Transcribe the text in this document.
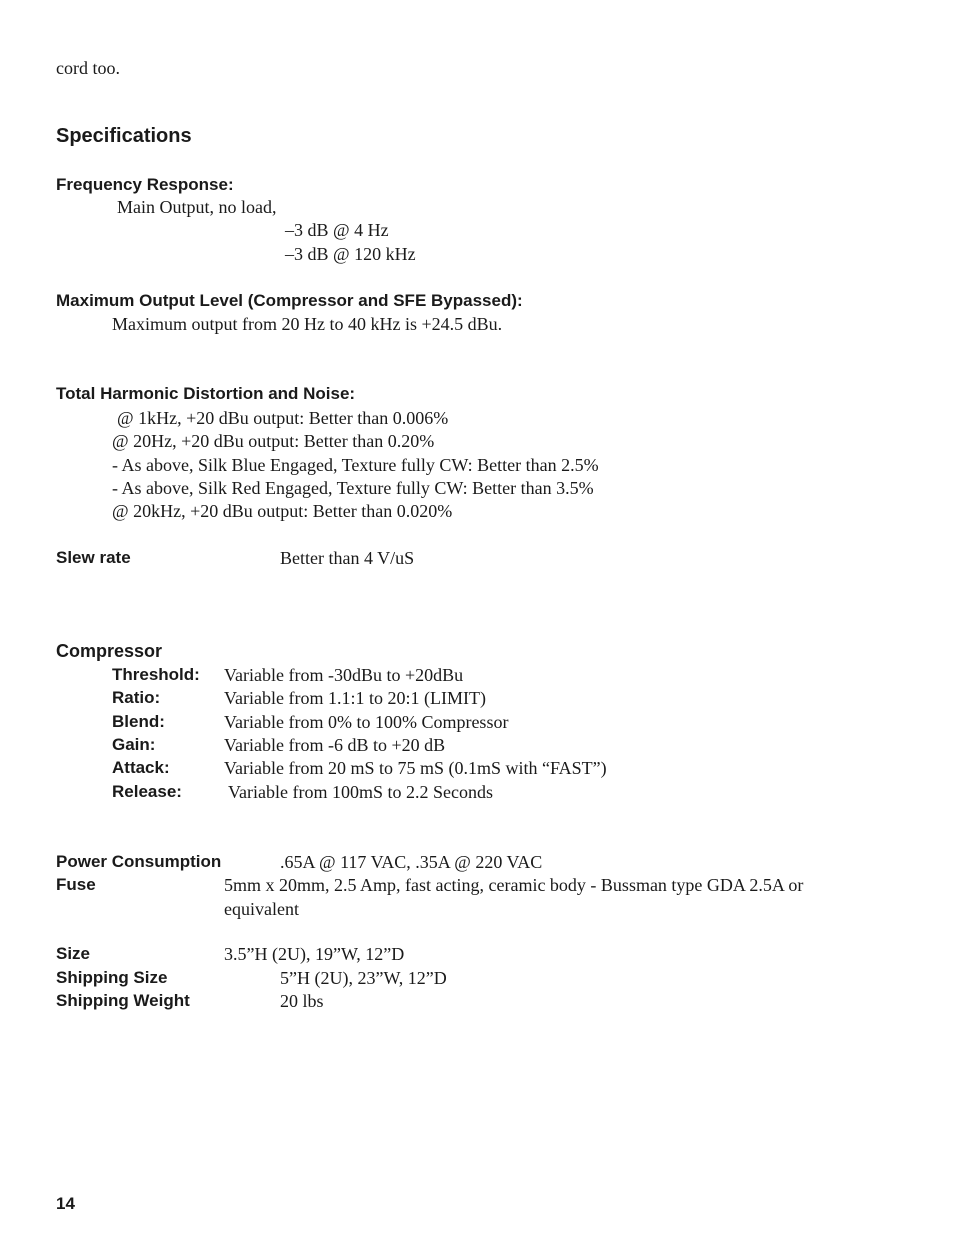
cord too.
Specifications
Frequency Response:
Main Output, no load,
–3 dB @ 4 Hz
–3 dB @ 120 kHz
Maximum Output Level (Compressor and SFE Bypassed):
Maximum output from 20 Hz to 40 kHz is +24.5 dBu.
Total Harmonic Distortion and Noise:
@ 1kHz, +20 dBu output: Better than 0.006%
@ 20Hz, +20 dBu output: Better than 0.20%
- As above, Silk Blue Engaged, Texture fully CW: Better than 2.5%
- As above, Silk Red Engaged, Texture fully CW: Better than 3.5%
@ 20kHz, +20 dBu output: Better than 0.020%
Slew rate	Better than 4 V/uS
Compressor
Threshold: Variable from -30dBu to +20dBu
Ratio:	Variable from 1.1:1 to 20:1 (LIMIT)
Blend:	Variable from 0% to 100% Compressor
Gain:	Variable from -6 dB to +20 dB
Attack:	Variable from 20 mS to 75 mS (0.1mS with “FAST”)
Release:	Variable from 100mS to 2.2 Seconds
Power Consumption	.65A @ 117 VAC, .35A @ 220 VAC
Fuse	5mm x 20mm, 2.5 Amp, fast acting, ceramic body - Bussman type GDA 2.5A or
equivalent
Size	3.5”H (2U), 19”W, 12”D
Shipping Size	5”H (2U), 23”W, 12”D
Shipping Weight	20 lbs
14
